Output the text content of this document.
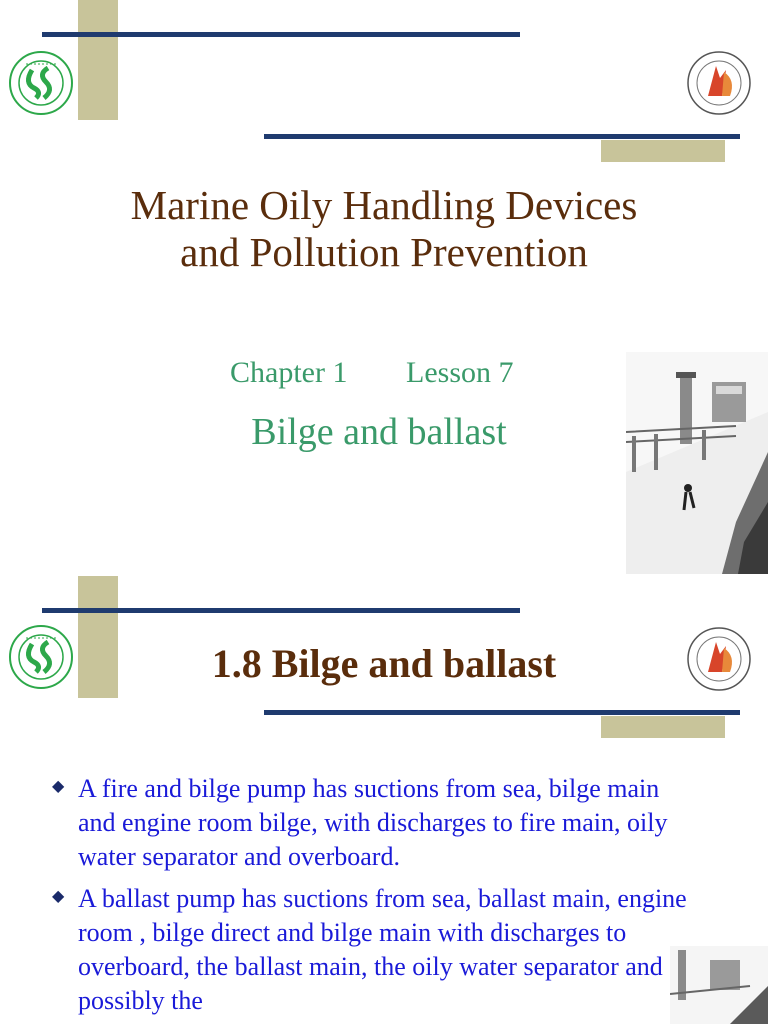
Marine Oily Handling Devices
and Pollution Prevention
Chapter 1 Lesson 7
Bilge and ballast
1.8 Bilge and ballast
◆ A fire and bilge pump has suctions from sea, bilge main and engine room bilge, with discharges to fire main, oily water separator and overboard.
◆ A ballast pump has suctions from sea, ballast main, engine room , bilge direct and bilge main with discharges to overboard, the ballast main, the oily water separator and possibly the
